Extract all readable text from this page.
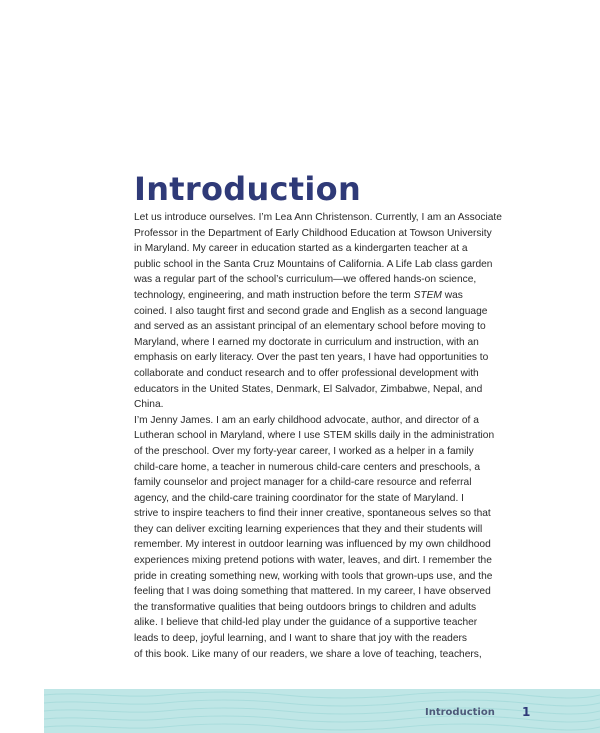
Introduction
Let us introduce ourselves. I’m Lea Ann Christenson. Currently, I am an Associate
Professor in the Department of Early Childhood Education at Towson University
in Maryland. My career in education started as a kindergarten teacher at a
public school in the Santa Cruz Mountains of California. A Life Lab class garden
was a regular part of the school’s curriculum—we offered hands-on science,
technology, engineering, and math instruction before the term STEM was
coined. I also taught first and second grade and English as a second language
and served as an assistant principal of an elementary school before moving to
Maryland, where I earned my doctorate in curriculum and instruction, with an
emphasis on early literacy. Over the past ten years, I have had opportunities to
collaborate and conduct research and to offer professional development with
educators in the United States, Denmark, El Salvador, Zimbabwe, Nepal, and
China.
I’m Jenny James. I am an early childhood advocate, author, and director of a
Lutheran school in Maryland, where I use STEM skills daily in the administration
of the preschool. Over my forty-year career, I worked as a helper in a family
child-care home, a teacher in numerous child-care centers and preschools, a
family counselor and project manager for a child-care resource and referral
agency, and the child-care training coordinator for the state of Maryland. I
strive to inspire teachers to find their inner creative, spontaneous selves so that
they can deliver exciting learning experiences that they and their students will
remember. My interest in outdoor learning was influenced by my own childhood
experiences mixing pretend potions with water, leaves, and dirt. I remember the
pride in creating something new, working with tools that grown-ups use, and the
feeling that I was doing something that mattered. In my career, I have observed
the transformative qualities that being outdoors brings to children and adults
alike. I believe that child-led play under the guidance of a supportive teacher
leads to deep, joyful learning, and I want to share that joy with the readers
of this book. Like many of our readers, we share a love of teaching, teachers,
Introduction 1
